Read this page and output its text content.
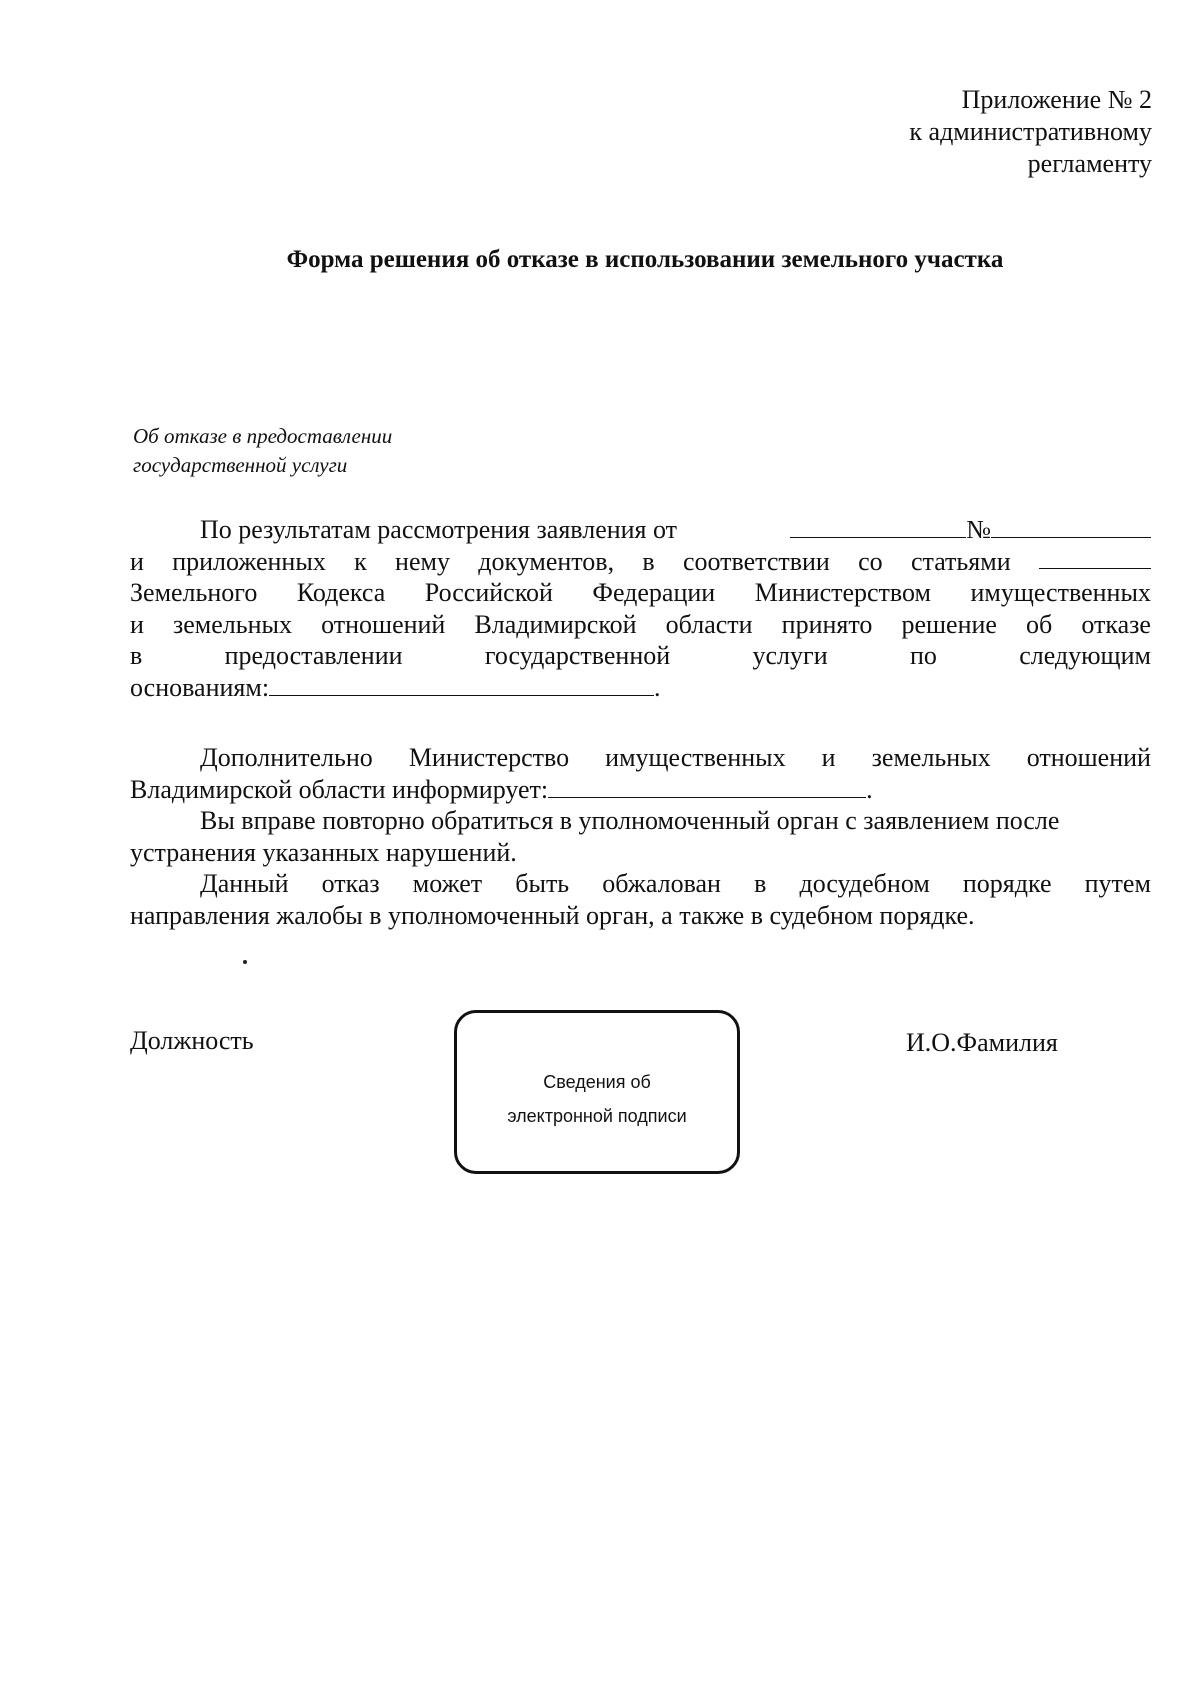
Приложение № 2
к административному
регламенту
Форма решения об отказе в использовании земельного участка
Об отказе в предоставлении
государственной услуги
По результатам рассмотрения заявления от	№
и приложенных к нему документов, в соответствии со статьями
Земельного Кодекса Российской Федерации Министерством имущественных
и земельных отношений Владимирской области принято решение об отказе
в	предоставлении	государственной	услуги	по	следующим
основаниям:	.
Дополнительно Министерство имущественных и земельных отношений
Владимирской области информирует:	.
Вы вправе повторно обратиться в уполномоченный орган с заявлением после
устранения указанных нарушений.
Данный отказ может быть обжалован в досудебном порядке путем
направления жалобы в уполномоченный орган, а также в судебном порядке.
Должность
Сведения об
электронной подписи
И.О.Фамилия
